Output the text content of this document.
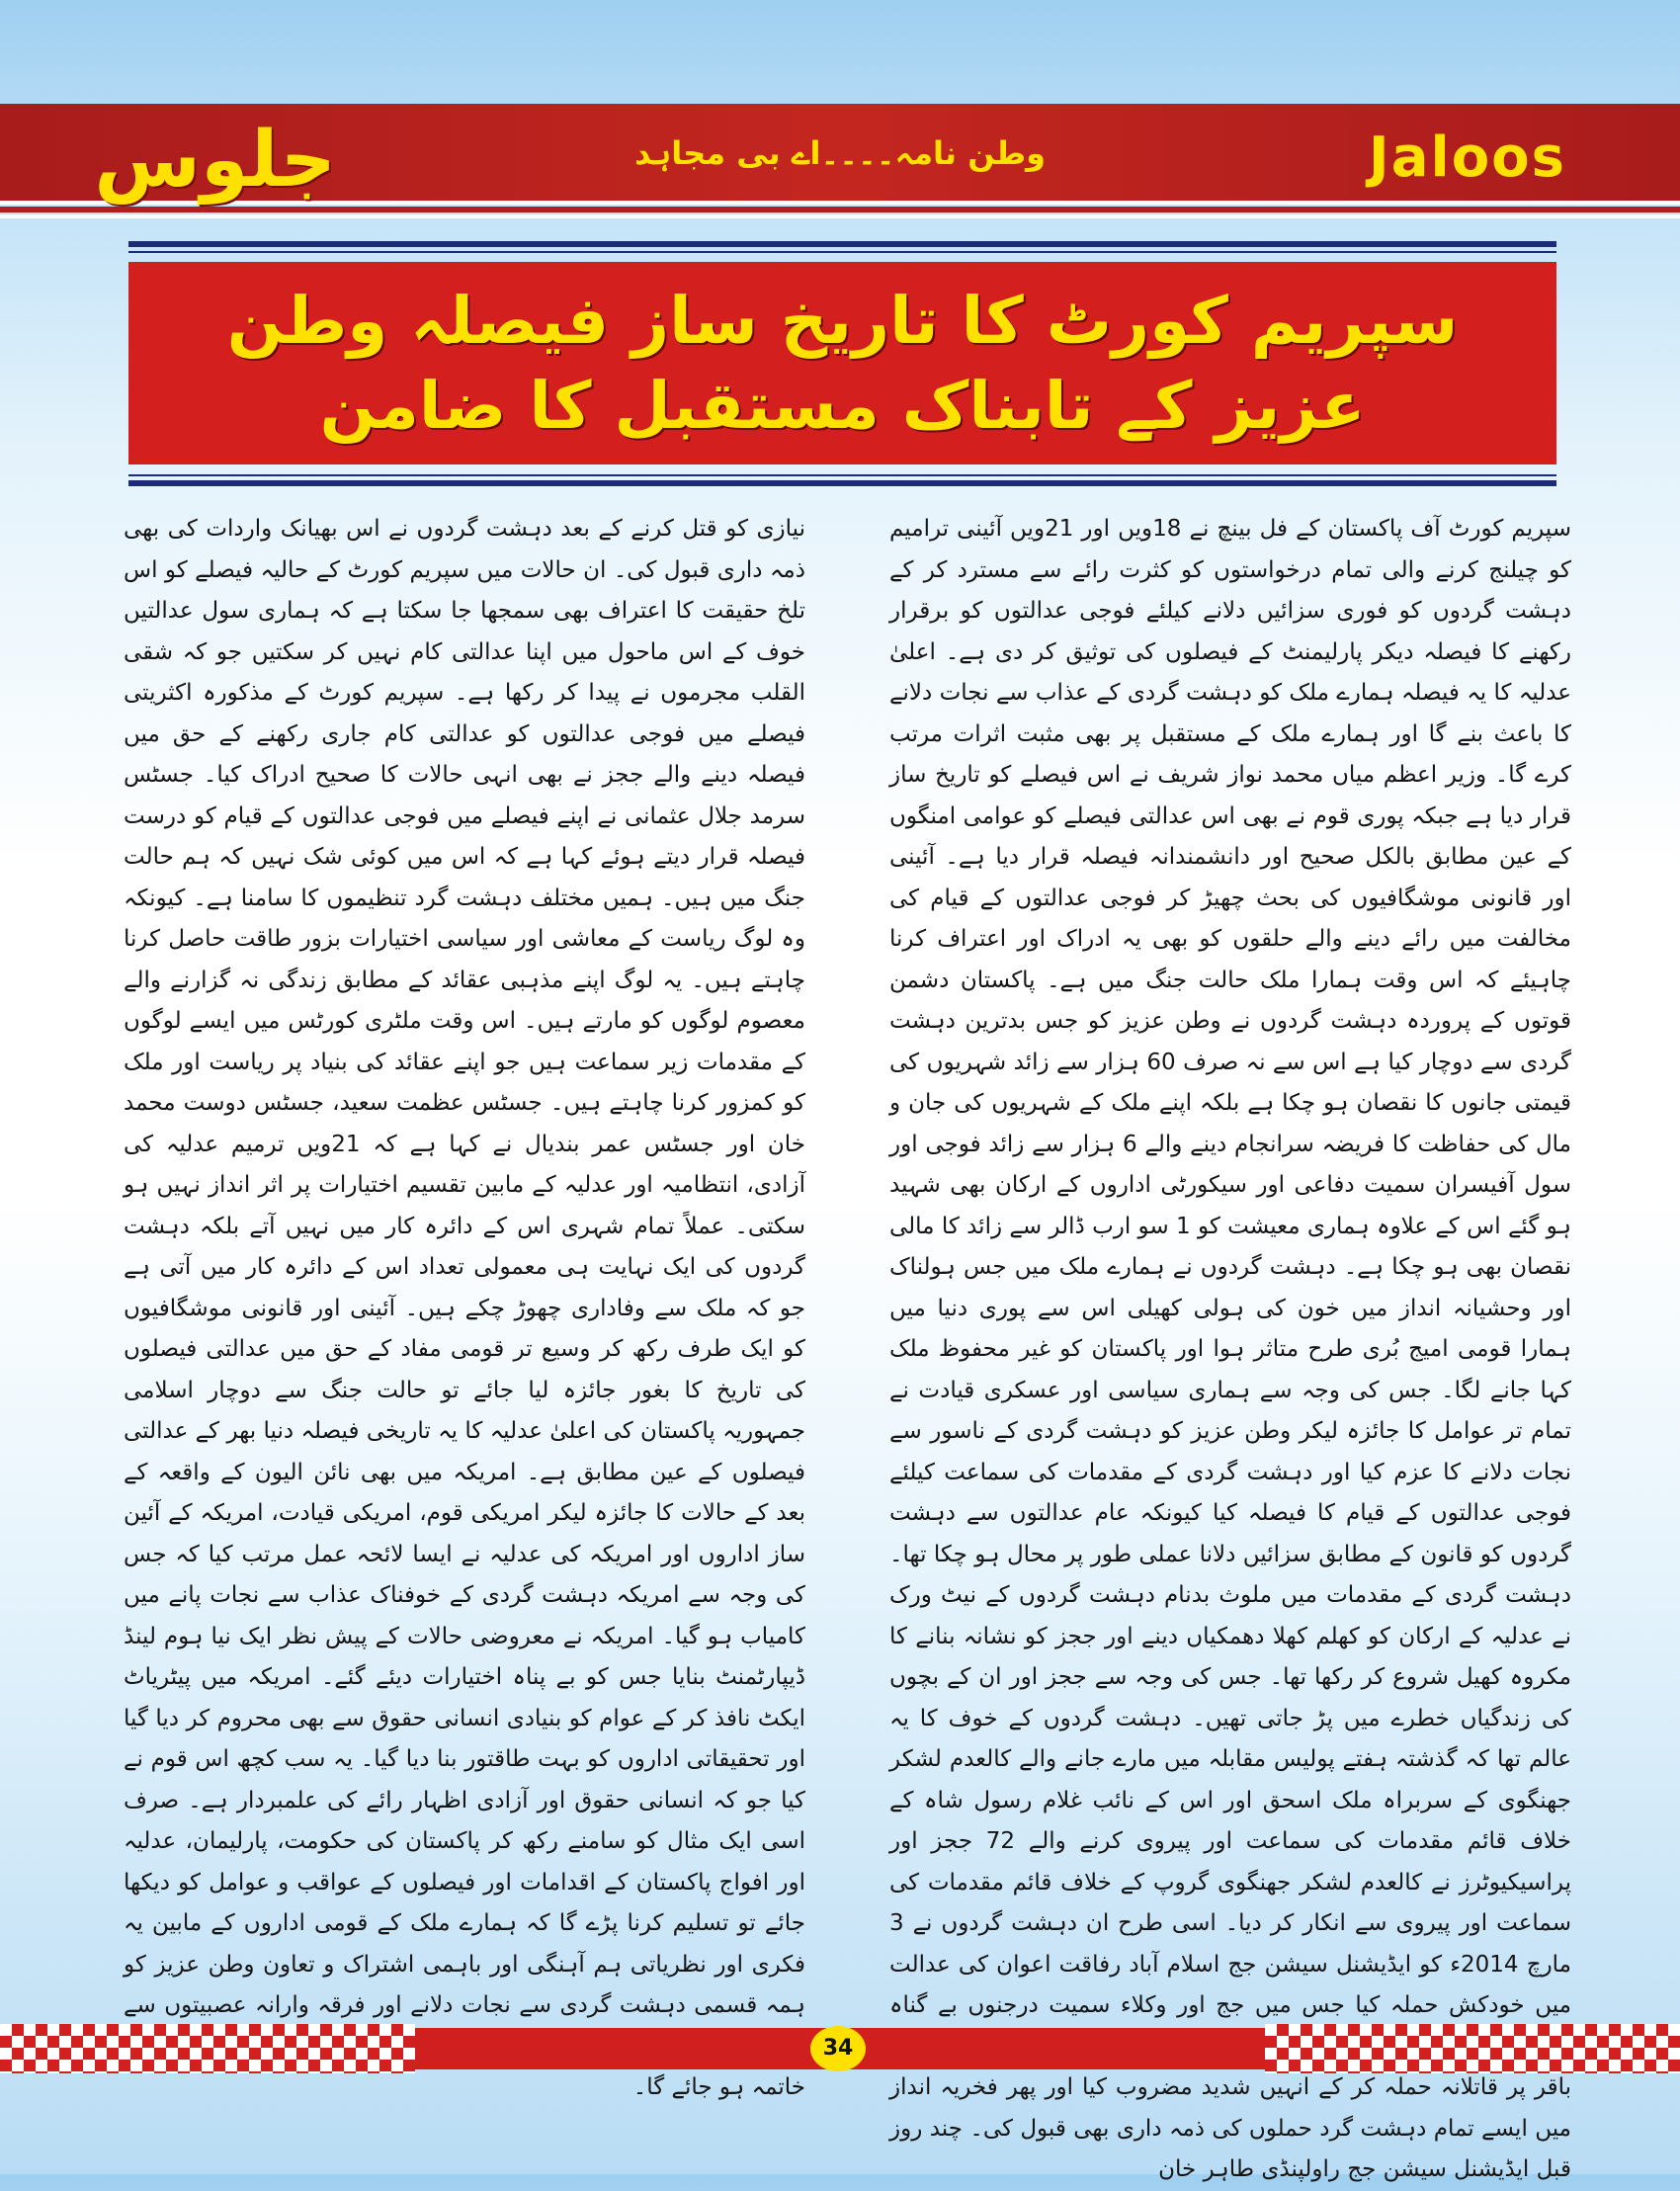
جلوس	وطن نامہ۔۔۔۔اے بی مجاہد	Jaloos
سپریم کورٹ کا تاریخ ساز فیصلہ وطن عزیز کے تابناک مستقبل کا ضامن
سپریم کورٹ آف پاکستان کے فل بینچ نے 18ویں اور 21ویں آئینی ترامیم کو چیلنج کرنے والی تمام درخواستوں کو کثرت رائے سے مسترد کر کے دہشت گردوں کو فوری سزائیں دلانے کیلئے فوجی عدالتوں کو برقرار رکھنے کا فیصلہ دیکر پارلیمنٹ کے فیصلوں کی توثیق کر دی ہے۔ اعلیٰ عدلیہ کا یہ فیصلہ ہمارے ملک کو دہشت گردی کے عذاب سے نجات دلانے کا باعث بنے گا اور ہمارے ملک کے مستقبل پر بھی مثبت اثرات مرتب کرے گا۔ وزیر اعظم میاں محمد نواز شریف نے اس فیصلے کو تاریخ ساز قرار دیا ہے جبکہ پوری قوم نے بھی اس عدالتی فیصلے کو عوامی امنگوں کے عین مطابق بالکل صحیح اور دانشمندانہ فیصلہ قرار دیا ہے۔ آئینی اور قانونی موشگافیوں کی بحث چھیڑ کر فوجی عدالتوں کے قیام کی مخالفت میں رائے دینے والے حلقوں کو بھی یہ ادراک اور اعتراف کرنا چاہیئے کہ اس وقت ہمارا ملک حالت جنگ میں ہے۔ پاکستان دشمن قوتوں کے پروردہ دہشت گردوں نے وطن عزیز کو جس بدترین دہشت گردی سے دوچار کیا ہے اس سے نہ صرف 60 ہزار سے زائد شہریوں کی قیمتی جانوں کا نقصان ہو چکا ہے بلکہ اپنے ملک کے شہریوں کی جان و مال کی حفاظت کا فریضہ سرانجام دینے والے 6 ہزار سے زائد فوجی اور سول آفیسران سمیت دفاعی اور سیکورٹی اداروں کے ارکان بھی شہید ہو گئے اس کے علاوہ ہماری معیشت کو 1 سو ارب ڈالر سے زائد کا مالی نقصان بھی ہو چکا ہے۔ دہشت گردوں نے ہمارے ملک میں جس ہولناک اور وحشیانہ انداز میں خون کی ہولی کھیلی اس سے پوری دنیا میں ہمارا قومی امیج بُری طرح متاثر ہوا اور پاکستان کو غیر محفوظ ملک کہا جانے لگا۔ جس کی وجہ سے ہماری سیاسی اور عسکری قیادت نے تمام تر عوامل کا جائزہ لیکر وطن عزیز کو دہشت گردی کے ناسور سے نجات دلانے کا عزم کیا اور دہشت گردی کے مقدمات کی سماعت کیلئے فوجی عدالتوں کے قیام کا فیصلہ کیا کیونکہ عام عدالتوں سے دہشت گردوں کو قانون کے مطابق سزائیں دلانا عملی طور پر محال ہو چکا تھا۔ دہشت گردی کے مقدمات میں ملوث بدنام دہشت گردوں کے نیٹ ورک نے عدلیہ کے ارکان کو کھلم کھلا دھمکیاں دینے اور ججز کو نشانہ بنانے کا مکروہ کھیل شروع کر رکھا تھا۔ جس کی وجہ سے ججز اور ان کے بچوں کی زندگیاں خطرے میں پڑ جاتی تھیں۔ دہشت گردوں کے خوف کا یہ عالم تھا کہ گذشتہ ہفتے پولیس مقابلہ میں مارے جانے والے کالعدم لشکر جھنگوی کے سربراہ ملک اسحق اور اس کے نائب غلام رسول شاہ کے خلاف قائم مقدمات کی سماعت اور پیروی کرنے والے 72 ججز اور پراسیکیوٹرز نے کالعدم لشکر جھنگوی گروپ کے خلاف قائم مقدمات کی سماعت اور پیروی سے انکار کر دیا۔ اسی طرح ان دہشت گردوں نے 3 مارچ 2014ء کو ایڈیشنل سیشن جج اسلام آباد رفاقت اعوان کی عدالت میں خودکش حملہ کیا جس میں جج اور وکلاء سمیت درجنوں بے گناہ باقر پر قاتلانہ حملہ کر کے انہیں شدید مضروب کیا اور پھر فخریہ انداز میں ایسے تمام دہشت گرد حملوں کی ذمہ داری بھی قبول کی۔ چند روز قبل ایڈیشنل سیشن جج راولپنڈی طاہر خان
نیازی کو قتل کرنے کے بعد دہشت گردوں نے اس بھیانک واردات کی بھی ذمہ داری قبول کی۔ ان حالات میں سپریم کورٹ کے حالیہ فیصلے کو اس تلخ حقیقت کا اعتراف بھی سمجھا جا سکتا ہے کہ ہماری سول عدالتیں خوف کے اس ماحول میں اپنا عدالتی کام نہیں کر سکتیں جو کہ شقی القلب مجرموں نے پیدا کر رکھا ہے۔ سپریم کورٹ کے مذکورہ اکثریتی فیصلے میں فوجی عدالتوں کو عدالتی کام جاری رکھنے کے حق میں فیصلہ دینے والے ججز نے بھی انہی حالات کا صحیح ادراک کیا۔ جسٹس سرمد جلال عثمانی نے اپنے فیصلے میں فوجی عدالتوں کے قیام کو درست فیصلہ قرار دیتے ہوئے کہا ہے کہ اس میں کوئی شک نہیں کہ ہم حالت جنگ میں ہیں۔ ہمیں مختلف دہشت گرد تنظیموں کا سامنا ہے۔ کیونکہ وہ لوگ ریاست کے معاشی اور سیاسی اختیارات بزور طاقت حاصل کرنا چاہتے ہیں۔ یہ لوگ اپنے مذہبی عقائد کے مطابق زندگی نہ گزارنے والے معصوم لوگوں کو مارتے ہیں۔ اس وقت ملٹری کورٹس میں ایسے لوگوں کے مقدمات زیر سماعت ہیں جو اپنے عقائد کی بنیاد پر ریاست اور ملک کو کمزور کرنا چاہتے ہیں۔ جسٹس عظمت سعید، جسٹس دوست محمد خان اور جسٹس عمر بندیال نے کہا ہے کہ 21ویں ترمیم عدلیہ کی آزادی، انتظامیہ اور عدلیہ کے مابین تقسیم اختیارات پر اثر انداز نہیں ہو سکتی۔ عملاً تمام شہری اس کے دائرہ کار میں نہیں آتے بلکہ دہشت گردوں کی ایک نہایت ہی معمولی تعداد اس کے دائرہ کار میں آتی ہے جو کہ ملک سے وفاداری چھوڑ چکے ہیں۔ آئینی اور قانونی موشگافیوں کو ایک طرف رکھ کر وسیع تر قومی مفاد کے حق میں عدالتی فیصلوں کی تاریخ کا بغور جائزہ لیا جائے تو حالت جنگ سے دوچار اسلامی جمہوریہ پاکستان کی اعلیٰ عدلیہ کا یہ تاریخی فیصلہ دنیا بھر کے عدالتی فیصلوں کے عین مطابق ہے۔ امریکہ میں بھی نائن الیون کے واقعہ کے بعد کے حالات کا جائزہ لیکر امریکی قوم، امریکی قیادت، امریکہ کے آئین ساز اداروں اور امریکہ کی عدلیہ نے ایسا لائحہ عمل مرتب کیا کہ جس کی وجہ سے امریکہ دہشت گردی کے خوفناک عذاب سے نجات پانے میں کامیاب ہو گیا۔ امریکہ نے معروضی حالات کے پیش نظر ایک نیا ہوم لینڈ ڈیپارٹمنٹ بنایا جس کو بے پناہ اختیارات دیئے گئے۔ امریکہ میں پیٹریاٹ ایکٹ نافذ کر کے عوام کو بنیادی انسانی حقوق سے بھی محروم کر دیا گیا اور تحقیقاتی اداروں کو بہت طاقتور بنا دیا گیا۔ یہ سب کچھ اس قوم نے کیا جو کہ انسانی حقوق اور آزادی اظہار رائے کی علمبردار ہے۔ صرف اسی ایک مثال کو سامنے رکھ کر پاکستان کی حکومت، پارلیمان، عدلیہ اور افواج پاکستان کے اقدامات اور فیصلوں کے عواقب و عوامل کو دیکھا جائے تو تسلیم کرنا پڑے گا کہ ہمارے ملک کے قومی اداروں کے مابین یہ فکری اور نظریاتی ہم آہنگی اور باہمی اشتراک و تعاون وطن عزیز کو ہمہ قسمی دہشت گردی سے نجات دلانے اور فرقہ وارانہ عصبیتوں سے خاتمہ ہو جائے گا۔
34
